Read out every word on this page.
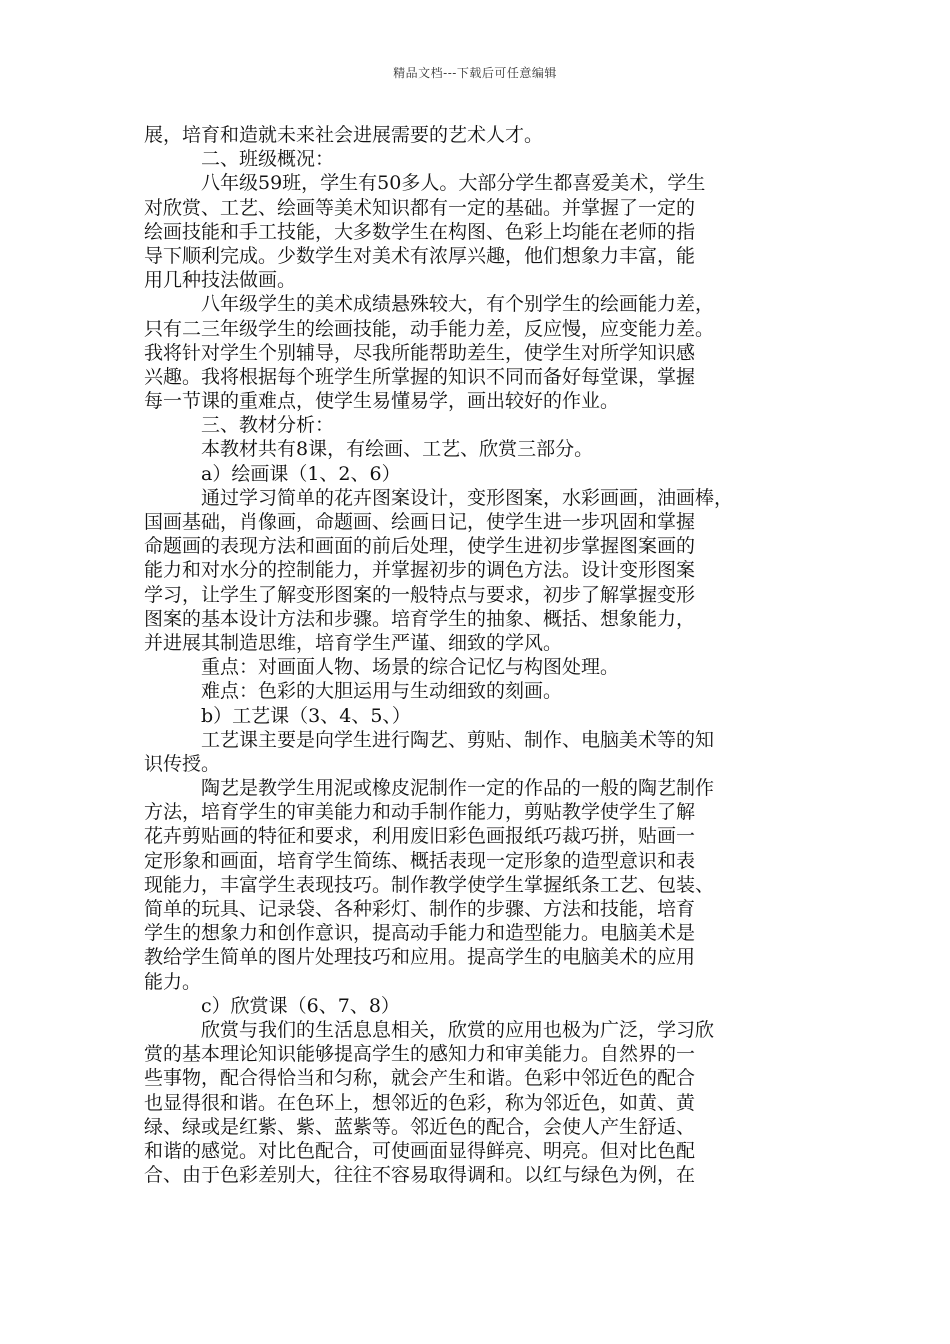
精品文档---下载后可任意编辑
展，培育和造就未来社会进展需要的艺术人才。
二、班级概况：
八年级59班，学生有50多人。大部分学生都喜爱美术，学生
对欣赏、工艺、绘画等美术知识都有一定的基础。并掌握了一定的
绘画技能和手工技能，大多数学生在构图、色彩上均能在老师的指
导下顺利完成。少数学生对美术有浓厚兴趣，他们想象力丰富，能
用几种技法做画。
八年级学生的美术成绩悬殊较大，有个别学生的绘画能力差，
只有二三年级学生的绘画技能，动手能力差，反应慢，应变能力差。
我将针对学生个别辅导，尽我所能帮助差生，使学生对所学知识感
兴趣。我将根据每个班学生所掌握的知识不同而备好每堂课，掌握
每一节课的重难点，使学生易懂易学，画出较好的作业。
三、教材分析：
本教材共有8课，有绘画、工艺、欣赏三部分。
a）绘画课（1、2、6）
通过学习简单的花卉图案设计，变形图案，水彩画画，油画棒，
国画基础，肖像画，命题画、绘画日记，使学生进一步巩固和掌握
命题画的表现方法和画面的前后处理，使学生进初步掌握图案画的
能力和对水分的控制能力，并掌握初步的调色方法。设计变形图案
学习，让学生了解变形图案的一般特点与要求，初步了解掌握变形
图案的基本设计方法和步骤。培育学生的抽象、概括、想象能力，
并进展其制造思维，培育学生严谨、细致的学风。
重点：对画面人物、场景的综合记忆与构图处理。
难点：色彩的大胆运用与生动细致的刻画。
b）工艺课（3、4、5、）
工艺课主要是向学生进行陶艺、剪贴、制作、电脑美术等的知
识传授。
陶艺是教学生用泥或橡皮泥制作一定的作品的一般的陶艺制作
方法，培育学生的审美能力和动手制作能力，剪贴教学使学生了解
花卉剪贴画的特征和要求，利用废旧彩色画报纸巧裁巧拼，贴画一
定形象和画面，培育学生简练、概括表现一定形象的造型意识和表
现能力，丰富学生表现技巧。制作教学使学生掌握纸条工艺、包装、
简单的玩具、记录袋、各种彩灯、制作的步骤、方法和技能，培育
学生的想象力和创作意识，提高动手能力和造型能力。电脑美术是
教给学生简单的图片处理技巧和应用。提高学生的电脑美术的应用
能力。
c）欣赏课（6、7、8）
欣赏与我们的生活息息相关，欣赏的应用也极为广泛，学习欣
赏的基本理论知识能够提高学生的感知力和审美能力。自然界的一
些事物，配合得恰当和匀称，就会产生和谐。色彩中邻近色的配合
也显得很和谐。在色环上，想邻近的色彩，称为邻近色，如黄、黄
绿、绿或是红紫、紫、蓝紫等。邻近色的配合，会使人产生舒适、
和谐的感觉。对比色配合，可使画面显得鲜亮、明亮。但对比色配
合、由于色彩差别大，往往不容易取得调和。以红与绿色为例，在
